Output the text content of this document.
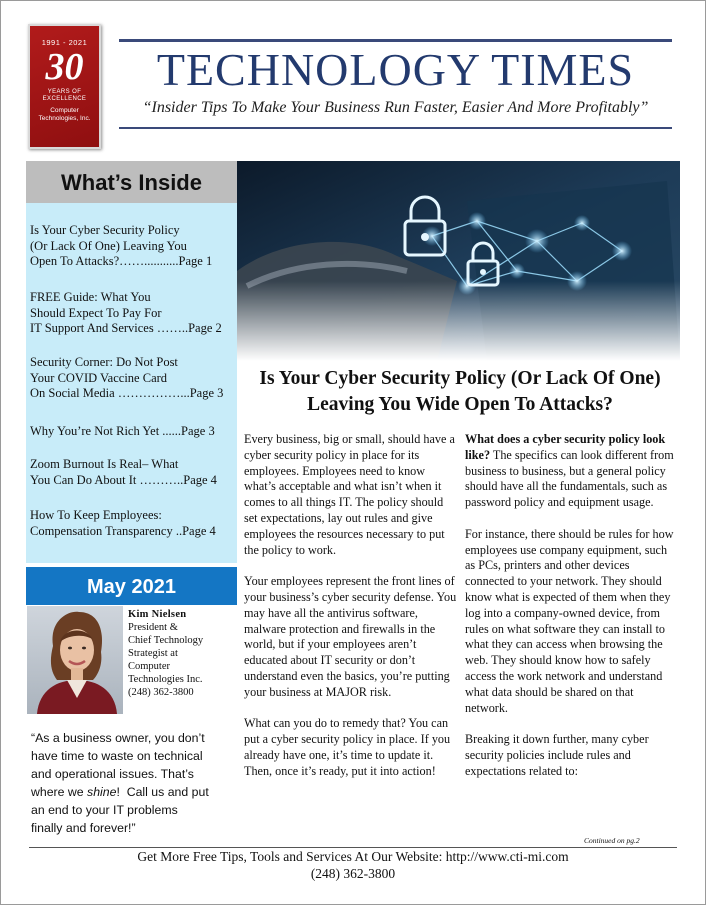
1991 - 2021
30
YEARS OF
EXCELLENCE
Computer
Technologies, Inc.
TECHNOLOGY TIMES
“Insider Tips To Make Your Business Run Faster, Easier And More Profitably”
What’s Inside
Is Your Cyber Security Policy
(Or Lack Of One) Leaving You
Open To Attacks?……...........Page 1
FREE Guide: What You
Should Expect To Pay For
IT Support And Services ……..Page 2
Security Corner: Do Not Post
Your COVID Vaccine Card
On Social Media ……………...Page 3
Why You’re Not Rich Yet ......Page 3
Zoom Burnout Is Real– What
You Can Do About It ………..Page 4
How To Keep Employees:
Compensation Transparency ..Page 4
May 2021
Kim Nielsen
President &
Chief Technology
Strategist at
Computer
Technologies Inc.
(248) 362-3800
“As a business owner, you don’t
have time to waste on technical
and operational issues. That’s
where we shine!  Call us and put
an end to your IT problems
finally and forever!”
Is Your Cyber Security Policy (Or Lack Of One) Leaving You Wide Open To Attacks?

Every business, big or small, should have a cyber security policy in place for its employees. Employees need to know what’s acceptable and what isn’t when it comes to all things IT. The policy should set expectations, lay out rules and give employees the resources necessary to put the policy to work.

Your employees represent the front lines of your business’s cyber security defense. You may have all the antivirus software, malware protection and firewalls in the world, but if your employees aren’t educated about IT security or don’t understand even the basics, you’re putting your business at MAJOR risk.

What can you do to remedy that? You can put a cyber security policy in place. If you already have one, it’s time to update it. Then, once it’s ready, put it into action!

What does a cyber security policy look like? The specifics can look different from business to business, but a general policy should have all the fundamentals, such as password policy and equipment usage.

For instance, there should be rules for how employees use company equipment, such as PCs, printers and other devices connected to your network. They should know what is expected of them when they log into a company-owned device, from rules on what software they can install to what they can access when browsing the web. They should know how to safely access the work network and understand what data should be shared on that network.

Breaking it down further, many cyber security policies include rules and expectations related to:

Continued on pg.2
Get More Free Tips, Tools and Services At Our Website: http://www.cti-mi.com
(248) 362-3800
